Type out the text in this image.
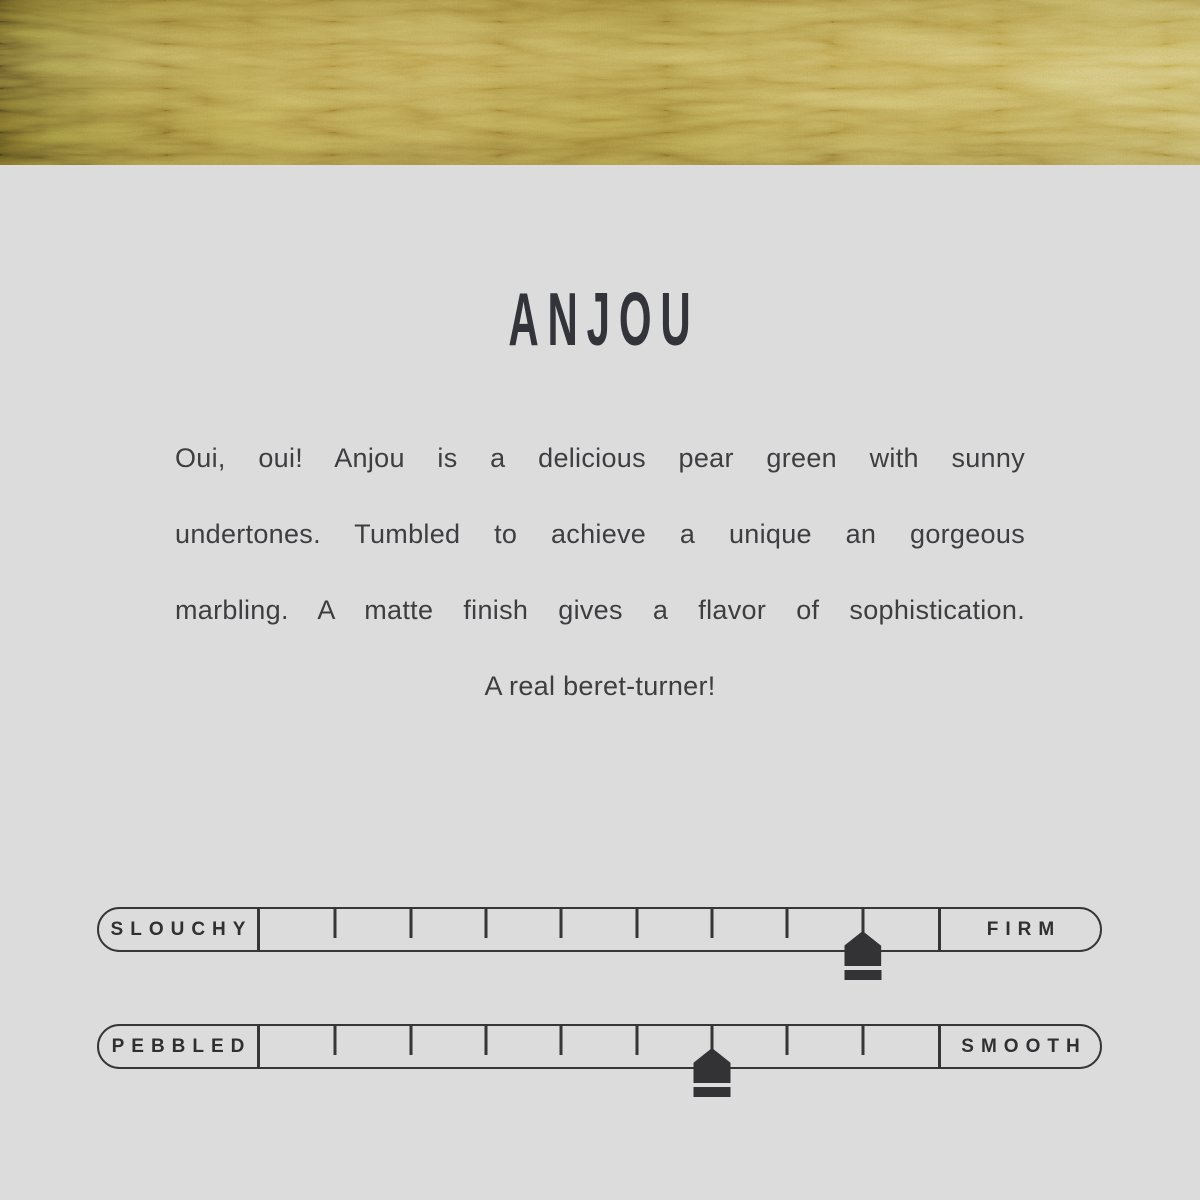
ANJOU
Oui, oui! Anjou is a delicious pear green with sunny
undertones. Tumbled to achieve a unique an gorgeous
marbling. A matte finish gives a flavor of sophistication.
A real beret-turner!
SLOUCHY	FIRM
PEBBLED	SMOOTH
